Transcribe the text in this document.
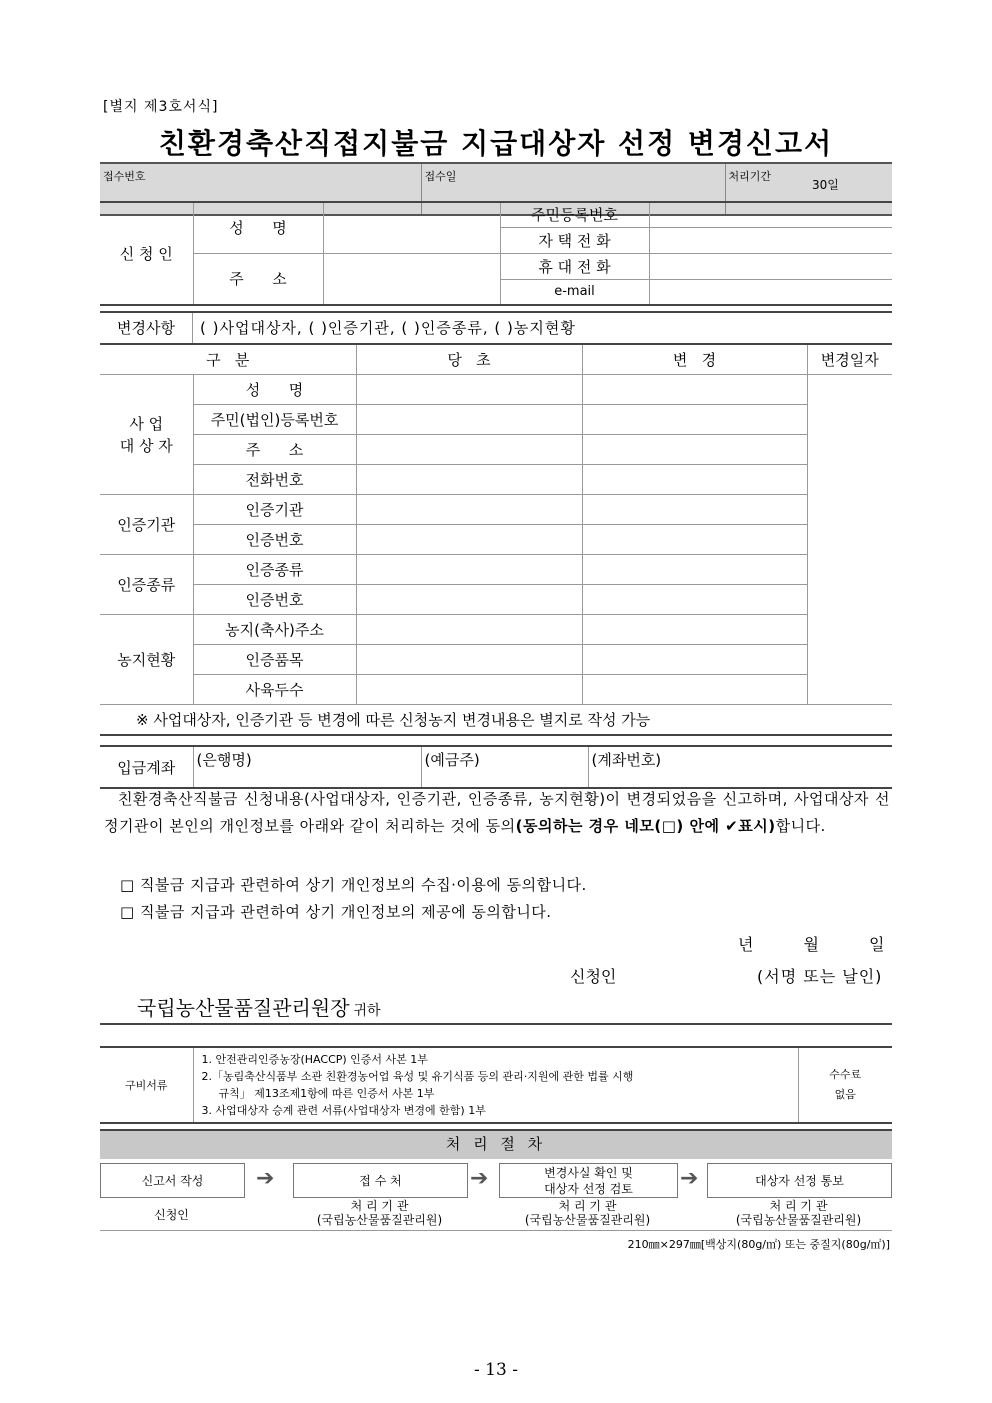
[별지 제3호서식]
친환경축산직접지불금 지급대상자 선정 변경신고서
접수번호	접수일	처리기간	30일
신 청 인	성      명		주민등록번호	
			자 택 전 화	
	주      소		휴 대 전 화	
			e-mail	
변경사항	( )사업대상자, ( )인증기관, ( )인증종류, ( )농지현황
구   분		당   초	변   경	변경일자
사 업
대 상 자	성      명			
	주민(법인)등록번호			
	주      소			
	전화번호			
인증기관	인증기관			
	인증번호			
인증종류	인증종류			
	인증번호			
농지현황	농지(축사)주소			
	인증품목			
	사육두수			
※ 사업대상자, 인증기관 등 변경에 따른 신청농지 변경내용은 별지로 작성 가능				
입금계좌	(은행명)	(예금주)	(계좌번호)
친환경축산직불금 신청내용(사업대상자, 인증기관, 인증종류, 농지현황)이 변경되었음을 신고하며, 사업대상자 선정기관이 본인의 개인정보를 아래와 같이 처리하는 것에 동의(동의하는 경우 네모(□) 안에 ✔표시)합니다.
□ 직불금 지급과 관련하여 상기 개인정보의 수집·이용에 동의합니다.
□ 직불금 지급과 관련하여 상기 개인정보의 제공에 동의합니다.
년	월	일
신청인	(서명 또는 날인)
국립농산물품질관리원장 귀하
구비서류	
1. 안전관리인증농장(HACCP) 인증서 사본 1부
2.「농림축산식품부 소관 친환경농어업 육성 및 유기식품 등의 관리·지원에 관한 법률 시행
규칙」 제13조제1항에 따른 인증서 사본 1부
3. 사업대상자 승계 관련 서류(사업대상자 변경에 한함) 1부

수수료
없음
처 리 절 차
신고서 작성	➔	접 수 처	➔	변경사실 확인 및
대상자 선정 검토 ➔	대상자 선정 통보
신청인
처 리 기 관
(국립농산물품질관리원)
처 리 기 관
(국립농산물품질관리원)
처 리 기 관
(국립농산물품질관리원)
210㎜×297㎜[백상지(80g/㎡) 또는 중질지(80g/㎡)]
- 13 -
